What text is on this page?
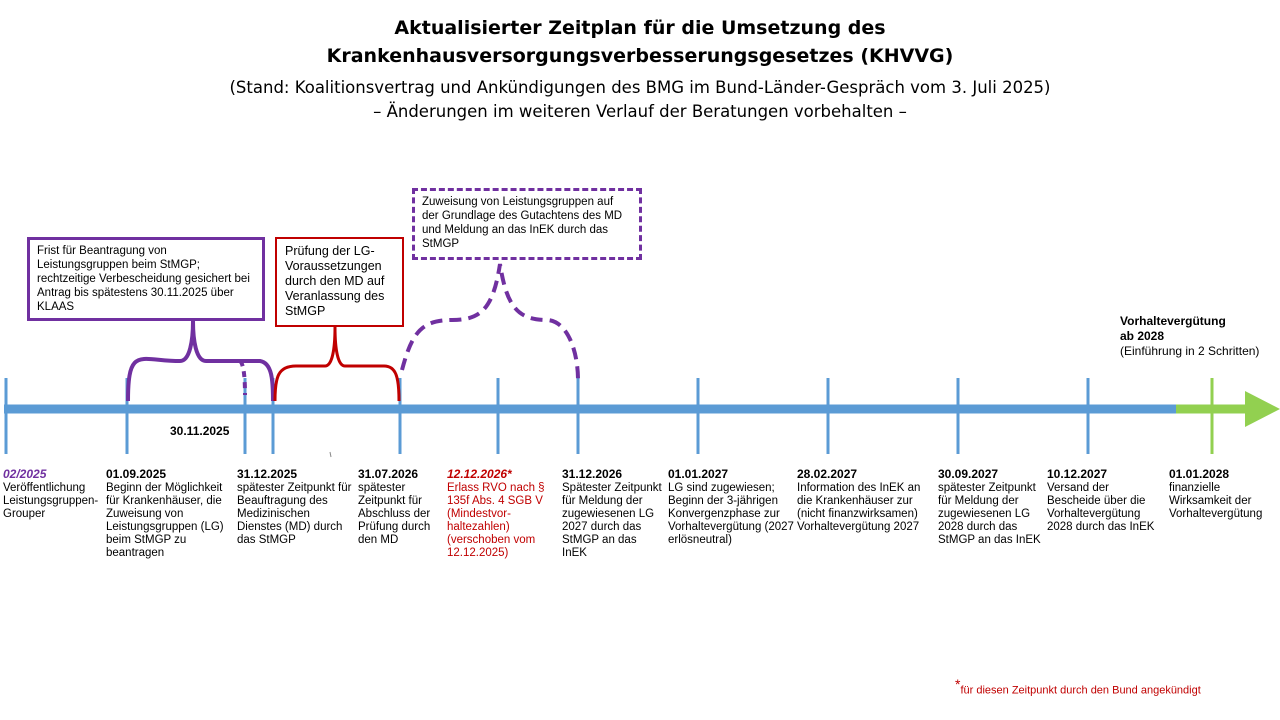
Aktualisierter Zeitplan für die Umsetzung des
Krankenhausversorgungsverbesserungsgesetzes (KHVVG)
(Stand: Koalitionsvertrag und Ankündigungen des BMG im Bund-Länder-Gespräch vom 3. Juli 2025)
– Änderungen im weiteren Verlauf der Beratungen vorbehalten –
Frist für Beantragung von Leistungsgruppen beim StMGP; rechtzeitige Verbescheidung gesichert bei Antrag bis spätestens 30.11.2025 über KLAAS
Prüfung der LG-Voraussetzungen durch den MD auf Veranlassung des StMGP
Zuweisung von Leistungsgruppen auf der Grundlage des Gutachtens des MD und Meldung an das InEK durch das StMGP
30.11.2025
Vorhaltevergütung
ab 2028
(Einführung in 2 Schritten)
02/2025
Veröffentlichung Leistungsgruppen-Grouper
01.09.2025
Beginn der Möglichkeit für Krankenhäuser, die Zuweisung von Leistungsgruppen (LG) beim StMGP zu beantragen
31.12.2025
spätester Zeitpunkt für Beauftragung des Medizinischen Dienstes (MD) durch das StMGP
31.07.2026
spätester Zeitpunkt für Abschluss der Prüfung durch den MD
12.12.2026*
Erlass RVO nach § 135f Abs. 4 SGB V (Mindestvor-haltezahlen) (verschoben vom 12.12.2025)
31.12.2026
Spätester Zeitpunkt für Meldung der zugewiesenen LG 2027 durch das StMGP an das InEK
01.01.2027
LG sind zugewiesen; Beginn der 3-jährigen Konvergenzphase zur Vorhaltevergütung (2027 erlösneutral)
28.02.2027
Information des InEK an die Krankenhäuser zur (nicht finanzwirksamen) Vorhaltevergütung 2027
30.09.2027
spätester Zeitpunkt für Meldung der zugewiesenen LG 2028 durch das StMGP an das InEK
10.12.2027
Versand der Bescheide über die Vorhaltevergütung 2028 durch das InEK
01.01.2028
finanzielle Wirksamkeit der Vorhaltevergütung
*für diesen Zeitpunkt durch den Bund angekündigt
